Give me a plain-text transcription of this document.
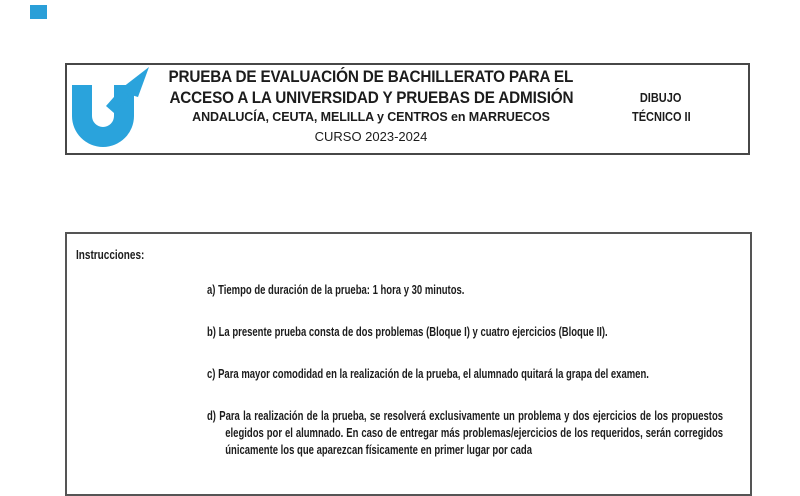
PRUEBA DE EVALUACIÓN DE BACHILLERATO PARA EL
ACCESO A LA UNIVERSIDAD Y PRUEBAS DE ADMISIÓN
ANDALUCÍA, CEUTA, MELILLA y CENTROS en MARRUECOS
CURSO 2023-2024
DIBUJO
TÉCNICO II
Instrucciones:
a) Tiempo de duración de la prueba: 1 hora y 30 minutos.
b) La presente prueba consta de dos problemas (Bloque I) y cuatro ejercicios (Bloque II).
c) Para mayor comodidad en la realización de la prueba, el alumnado quitará la grapa del examen.
d) Para la realización de la prueba, se resolverá exclusivamente un problema y dos ejercicios de los propuestos elegidos por el alumnado. En caso de entregar más problemas/ejercicios de los requeridos, serán corregidos únicamente los que aparezcan físicamente en primer lugar por cada
